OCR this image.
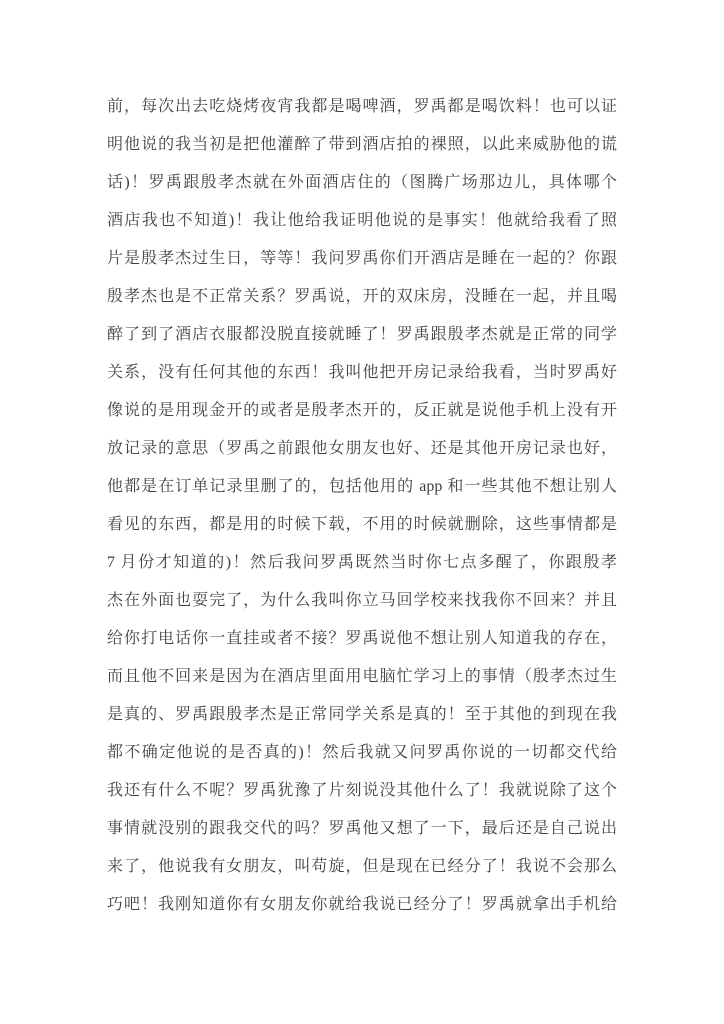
前，每次出去吃烧烤夜宵我都是喝啤酒，罗禹都是喝饮料！也可以证
明他说的我当初是把他灌醉了带到酒店拍的裸照，以此来威胁他的谎
话)！罗禹跟殷孝杰就在外面酒店住的（图腾广场那边儿，具体哪个
酒店我也不知道)！我让他给我证明他说的是事实！他就给我看了照
片是殷孝杰过生日，等等！我问罗禹你们开酒店是睡在一起的？你跟
殷孝杰也是不正常关系？罗禹说，开的双床房，没睡在一起，并且喝
醉了到了酒店衣服都没脱直接就睡了！罗禹跟殷孝杰就是正常的同学
关系，没有任何其他的东西！我叫他把开房记录给我看，当时罗禹好
像说的是用现金开的或者是殷孝杰开的，反正就是说他手机上没有开
放记录的意思（罗禹之前跟他女朋友也好、还是其他开房记录也好，
他都是在订单记录里删了的，包括他用的 app 和一些其他不想让别人
看见的东西，都是用的时候下载，不用的时候就删除，这些事情都是
7 月份才知道的)！然后我问罗禹既然当时你七点多醒了，你跟殷孝
杰在外面也耍完了，为什么我叫你立马回学校来找我你不回来？并且
给你打电话你一直挂或者不接？罗禹说他不想让别人知道我的存在，
而且他不回来是因为在酒店里面用电脑忙学习上的事情（殷孝杰过生
是真的、罗禹跟殷孝杰是正常同学关系是真的！至于其他的到现在我
都不确定他说的是否真的)！然后我就又问罗禹你说的一切都交代给
我还有什么不呢？罗禹犹豫了片刻说没其他什么了！我就说除了这个
事情就没别的跟我交代的吗？罗禹他又想了一下，最后还是自己说出
来了，他说我有女朋友，叫苟旋，但是现在已经分了！我说不会那么
巧吧！我刚知道你有女朋友你就给我说已经分了！罗禹就拿出手机给
